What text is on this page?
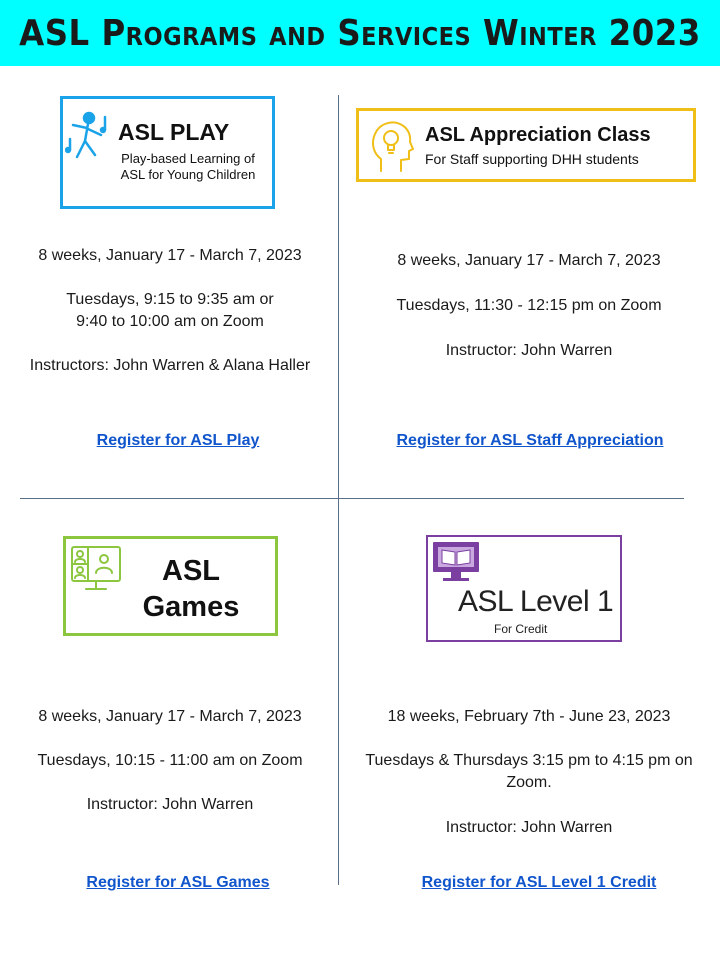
ASL Programs and Services Winter 2023
ASL PLAY
Play-based Learning of
ASL for Young Children

8 weeks, January 17 - March 7, 2023

Tuesdays, 9:15 to 9:35 am or

9:40 to 10:00 am on Zoom

Instructors: John Warren & Alana Haller

Register for ASL Play
ASL Appreciation Class
For Staff supporting DHH students

8 weeks, January 17 - March 7, 2023

Tuesdays, 11:30 - 12:15 pm on Zoom

Instructor: John Warren

Register for ASL Staff Appreciation
ASL
Games

8 weeks, January 17 - March 7, 2023

Tuesdays, 10:15 - 11:00 am on Zoom

Instructor: John Warren

Register for ASL Games
ASL Level 1
For Credit

18 weeks, February 7th - June 23, 2023

Tuesdays & Thursdays 3:15 pm to 4:15 pm on

Zoom.

Instructor: John Warren

Register for ASL Level 1 Credit
